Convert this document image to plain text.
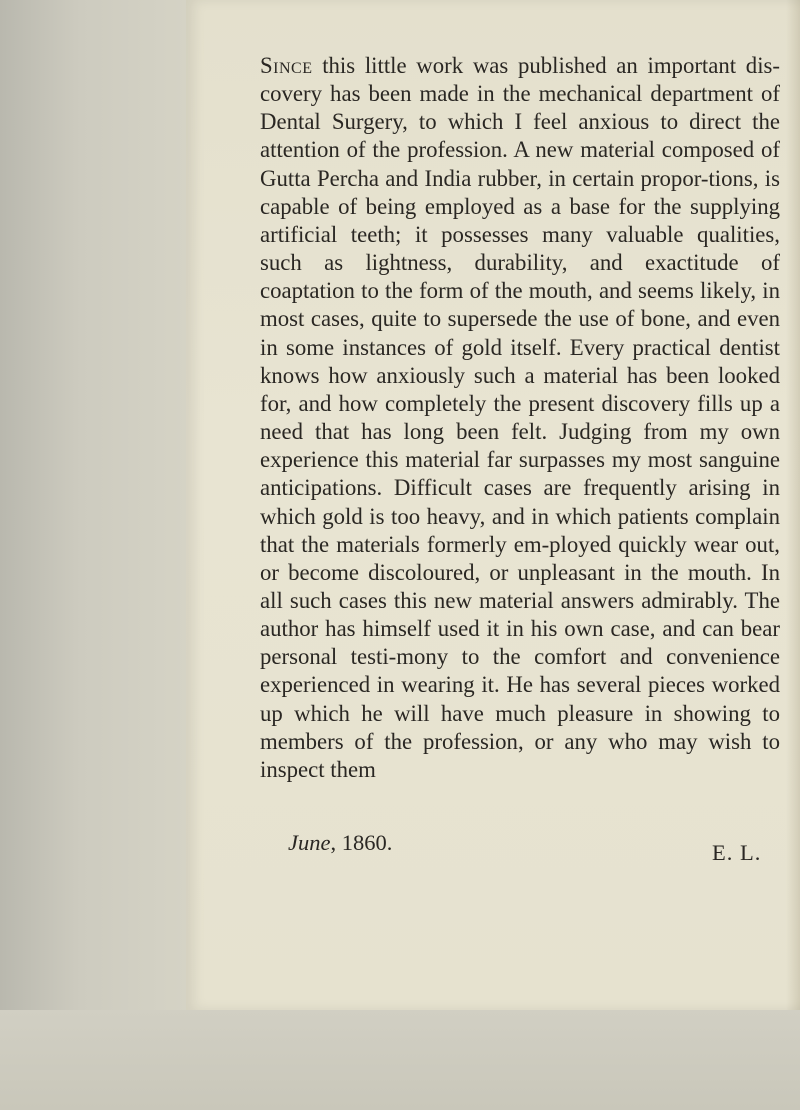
Since this little work was published an important dis-covery has been made in the mechanical department of Dental Surgery, to which I feel anxious to direct the attention of the profession. A new material composed of Gutta Percha and India rubber, in certain propor-tions, is capable of being employed as a base for the supplying artificial teeth; it possesses many valuable qualities, such as lightness, durability, and exactitude of coaptation to the form of the mouth, and seems likely, in most cases, quite to supersede the use of bone, and even in some instances of gold itself. Every practical dentist knows how anxiously such a material has been looked for, and how completely the present discovery fills up a need that has long been felt. Judging from my own experience this material far surpasses my most sanguine anticipations. Difficult cases are frequently arising in which gold is too heavy, and in which patients complain that the materials formerly em-ployed quickly wear out, or become discoloured, or unpleasant in the mouth. In all such cases this new material answers admirably. The author has himself used it in his own case, and can bear personal testi-mony to the comfort and convenience experienced in wearing it. He has several pieces worked up which he will have much pleasure in showing to members of the profession, or any who may wish to inspect them

June, 1860.	E. L.
